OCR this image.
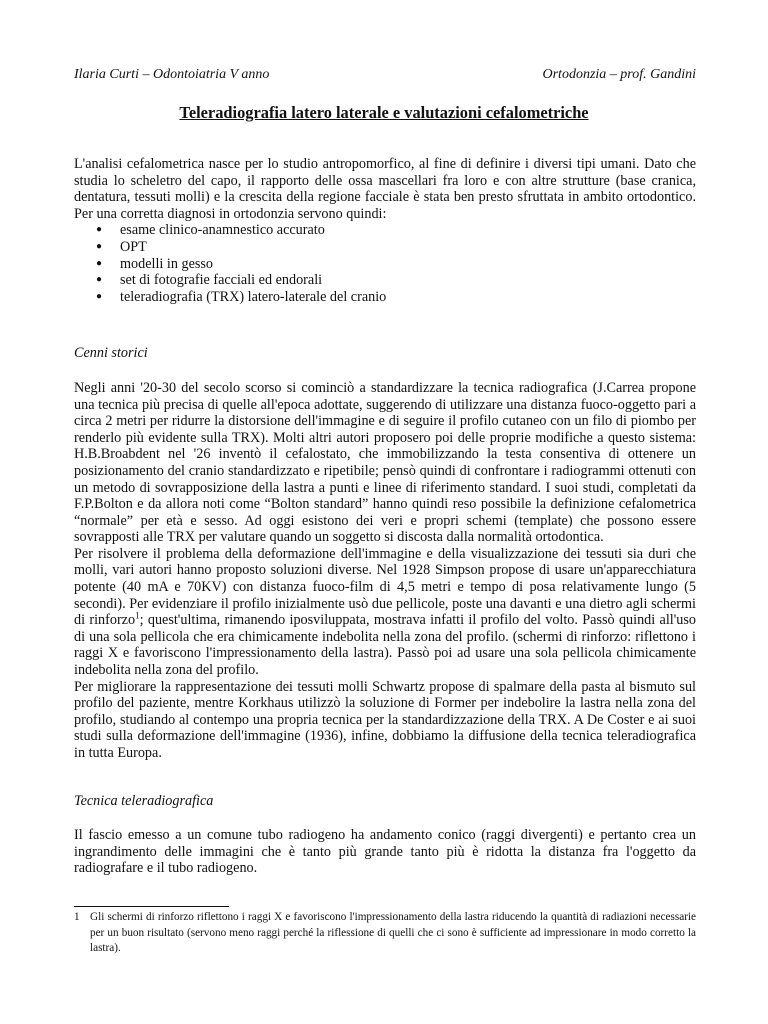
Ilaria Curti – Odontoiatria V anno	Ortodonzia – prof. Gandini
Teleradiografia latero laterale e valutazioni cefalometriche

L'analisi cefalometrica nasce per lo studio antropomorfico, al fine di definire i diversi tipi umani. Dato che studia lo scheletro del capo, il rapporto delle ossa mascellari fra loro e con altre strutture (base cranica, dentatura, tessuti molli) e la crescita della regione facciale è stata ben presto sfruttata in ambito ortodontico. Per una corretta diagnosi in ortodonzia servono quindi:

● esame clinico-anamnestico accurato
● OPT
● modelli in gesso
● set di fotografie facciali ed endorali
● teleradiografia (TRX) latero-laterale del cranio

Cenni storici

Negli anni '20-30 del secolo scorso si cominciò a standardizzare la tecnica radiografica (J.Carrea propone una tecnica più precisa di quelle all'epoca adottate, suggerendo di utilizzare una distanza fuoco-oggetto pari a circa 2 metri per ridurre la distorsione dell'immagine e di seguire il profilo cutaneo con un filo di piombo per renderlo più evidente sulla TRX). Molti altri autori proposero poi delle proprie modifiche a questo sistema: H.B.Broabdent nel '26 inventò il cefalostato, che immobilizzando la testa consentiva di ottenere un posizionamento del cranio standardizzato e ripetibile; pensò quindi di confrontare i radiogrammi ottenuti con un metodo di sovrapposizione della lastra a punti e linee di riferimento standard. I suoi studi, completati da F.P.Bolton e da allora noti come “Bolton standard” hanno quindi reso possibile la definizione cefalometrica “normale” per età e sesso. Ad oggi esistono dei veri e propri schemi (template) che possono essere sovrapposti alle TRX per valutare quando un soggetto si discosta dalla normalità ortodontica.

Per risolvere il problema della deformazione dell'immagine e della visualizzazione dei tessuti sia duri che molli, vari autori hanno proposto soluzioni diverse. Nel 1928 Simpson propose di usare un'apparecchiatura potente (40 mA e 70KV) con distanza fuoco-film di 4,5 metri e tempo di posa relativamente lungo (5 secondi). Per evidenziare il profilo inizialmente usò due pellicole, poste una davanti e una dietro agli schermi di rinforzo$^1$; quest'ultima, rimanendo iposviluppata, mostrava infatti il profilo del volto. Passò quindi all'uso di una sola pellicola che era chimicamente indebolita nella zona del profilo. (schermi di rinforzo: riflettono i raggi X e favoriscono l'impressionamento della lastra). Passò poi ad usare una sola pellicola chimicamente indebolita nella zona del profilo.

Per migliorare la rappresentazione dei tessuti molli Schwartz propose di spalmare della pasta al bismuto sul profilo del paziente, mentre Korkhaus utilizzò la soluzione di Former per indebolire la lastra nella zona del profilo, studiando al contempo una propria tecnica per la standardizzazione della TRX. A De Coster e ai suoi studi sulla deformazione dell'immagine (1936), infine, dobbiamo la diffusione della tecnica teleradiografica in tutta Europa.

Tecnica teleradiografica

Il fascio emesso a un comune tubo radiogeno ha andamento conico (raggi divergenti) e pertanto crea un ingrandimento delle immagini che è tanto più grande tanto più è ridotta la distanza fra l'oggetto da radiografare e il tubo radiogeno.

1 Gli schermi di rinforzo riflettono i raggi X e favoriscono l'impressionamento della lastra riducendo la quantità di radiazioni necessarie per un buon risultato (servono meno raggi perché la riflessione di quelli che ci sono è sufficiente ad impressionare in modo corretto la lastra).
